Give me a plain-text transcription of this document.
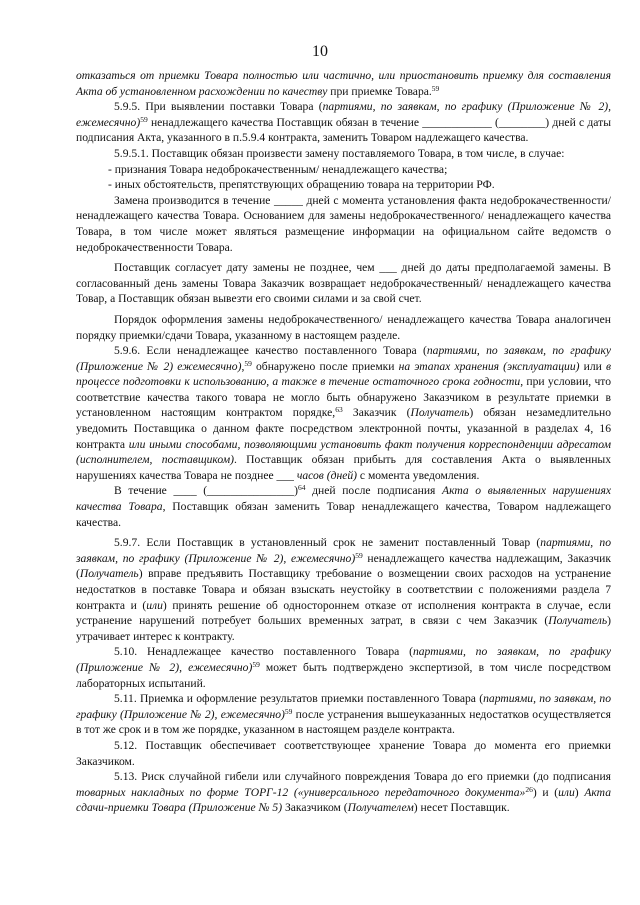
10

отказаться от приемки Товара полностью или частично, или приостановить приемку для составления Акта об установленном расхождении по качеству при приемке Товара.$^{59}$

5.9.5. При выявлении поставки Товара (партиями, по заявкам, по графику (Приложение № 2), ежемесячно)$^{59}$ ненадлежащего качества Поставщик обязан в течение ____________ (________) дней с даты подписания Акта, указанного в п.5.9.4 контракта, заменить Товаром надлежащего качества.

5.9.5.1. Поставщик обязан произвести замену поставляемого Товара, в том числе, в случае:

- признания Товара недоброкачественным/ ненадлежащего качества;

- иных обстоятельств, препятствующих обращению товара на территории РФ.

Замена производится в течение _____ дней с момента установления факта недоброкачественности/ ненадлежащего качества Товара. Основанием для замены недоброкачественного/ ненадлежащего качества Товара, в том числе может являться размещение информации на официальном сайте ведомств о недоброкачественности Товара.

Поставщик согласует дату замены не позднее, чем ___ дней до даты предполагаемой замены. В согласованный день замены Товара Заказчик возвращает недоброкачественный/ ненадлежащего качества Товар, а Поставщик обязан вывезти его своими силами и за свой счет.

Порядок оформления замены недоброкачественного/ ненадлежащего качества Товара аналогичен порядку приемки/сдачи Товара, указанному в настоящем разделе.

5.9.6. Если ненадлежащее качество поставленного Товара (партиями, по заявкам, по графику (Приложение № 2) ежемесячно),$^{59}$ обнаружено после приемки на этапах хранения (эксплуатации) или в процессе подготовки к использованию, а также в течение остаточного срока годности, при условии, что соответствие качества такого товара не могло быть обнаружено Заказчиком в результате приемки в установленном настоящим контрактом порядке,$^{63}$ Заказчик (Получатель) обязан незамедлительно уведомить Поставщика о данном факте посредством электронной почты, указанной в разделах 4, 16 контракта или иными способами, позволяющими установить факт получения корреспонденции адресатом (исполнителем, поставщиком). Поставщик обязан прибыть для составления Акта о выявленных нарушениях качества Товара не позднее ___ часов (дней) с момента уведомления.

В течение ____ (_______________)$^{64}$ дней после подписания Акта о выявленных нарушениях качества Товара, Поставщик обязан заменить Товар ненадлежащего качества, Товаром надлежащего качества.

5.9.7. Если Поставщик в установленный срок не заменит поставленный Товар (партиями, по заявкам, по графику (Приложение № 2), ежемесячно)$^{59}$ ненадлежащего качества надлежащим, Заказчик (Получатель) вправе предъявить Поставщику требование о возмещении своих расходов на устранение недостатков в поставке Товара и обязан взыскать неустойку в соответствии с положениями раздела 7 контракта и (или) принять решение об одностороннем отказе от исполнения контракта в случае, если устранение нарушений потребует больших временных затрат, в связи с чем Заказчик (Получатель) утрачивает интерес к контракту.

5.10. Ненадлежащее качество поставленного Товара (партиями, по заявкам, по графику (Приложение № 2), ежемесячно)$^{59}$ может быть подтверждено экспертизой, в том числе посредством лабораторных испытаний.

5.11. Приемка и оформление результатов приемки поставленного Товара (партиями, по заявкам, по графику (Приложение № 2), ежемесячно)$^{59}$ после устранения вышеуказанных недостатков осуществляется в тот же срок и в том же порядке, указанном в настоящем разделе контракта.

5.12. Поставщик обеспечивает соответствующее хранение Товара до момента его приемки Заказчиком.

5.13. Риск случайной гибели или случайного повреждения Товара до его приемки (до подписания товарных накладных по форме ТОРГ-12 («универсального передаточного документа»$^{26}$) и (или) Акта сдачи-приемки Товара (Приложение № 5) Заказчиком (Получателем) несет Поставщик.
